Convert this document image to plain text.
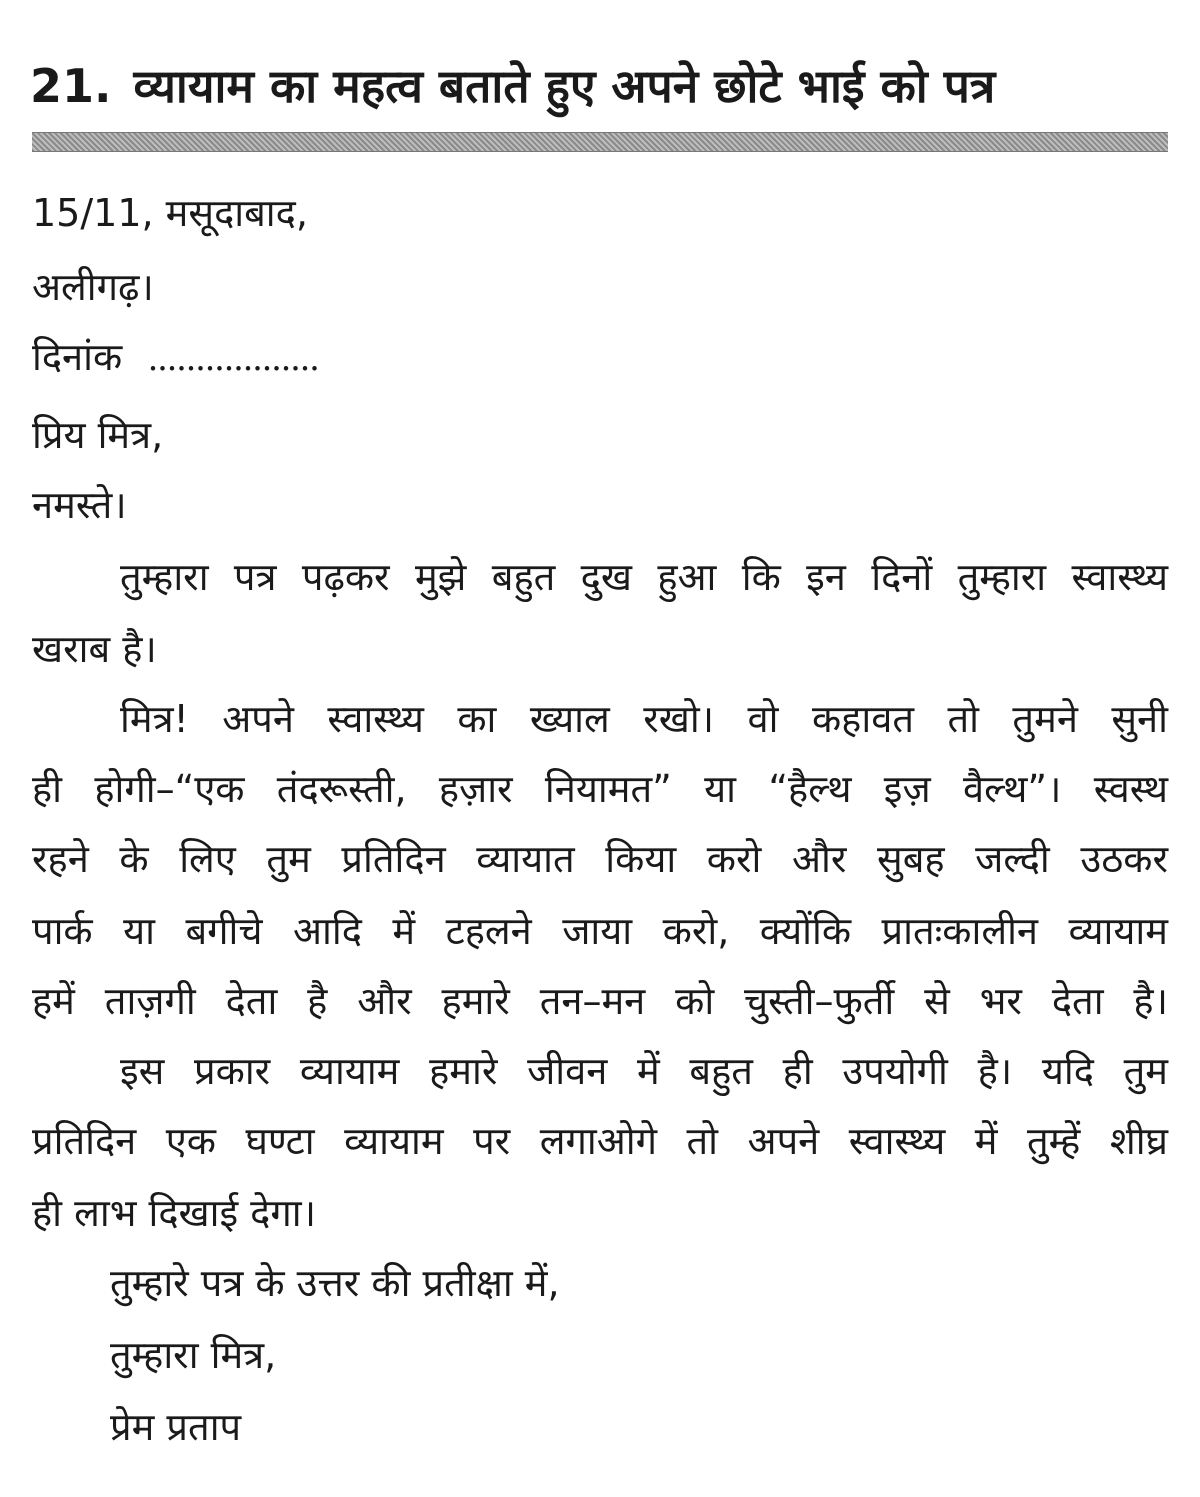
21. व्यायाम का महत्व बताते हुए अपने छोटे भाई को पत्र
15/11, मसूदाबाद,
अलीगढ़।
दिनांक ..................
प्रिय मित्र,
नमस्ते।
तुम्हारा पत्र पढ़कर मुझे बहुत दुख हुआ कि इन दिनों तुम्हारा स्वास्थ्य
खराब है।
मित्र! अपने स्वास्थ्य का ख्याल रखो। वो कहावत तो तुमने सुनी
ही होगी–“एक तंदरूस्ती, हज़ार नियामत” या “हैल्थ इज़ वैल्थ”। स्वस्थ
रहने के लिए तुम प्रतिदिन व्यायात किया करो और सुबह जल्दी उठकर
पार्क या बगीचे आदि में टहलने जाया करो, क्योंकि प्रातःकालीन व्यायाम
हमें ताज़गी देता है और हमारे तन–मन को चुस्ती–फुर्ती से भर देता है।
इस प्रकार व्यायाम हमारे जीवन में बहुत ही उपयोगी है। यदि तुम
प्रतिदिन एक घण्टा व्यायाम पर लगाओगे तो अपने स्वास्थ्य में तुम्हें शीघ्र
ही लाभ दिखाई देगा।
तुम्हारे पत्र के उत्तर की प्रतीक्षा में,
तुम्हारा मित्र,
प्रेम प्रताप
